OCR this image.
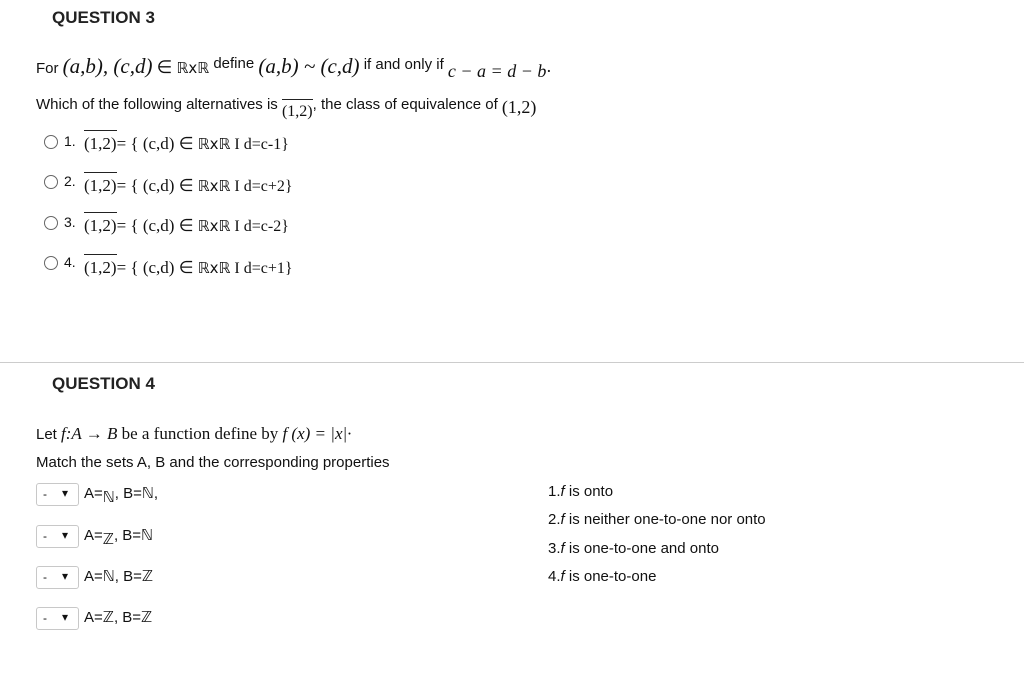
QUESTION 3
For (a,b), (c,d) ∈ ℝxℝ define (a,b) ~ (c,d) if and only if c − a = d − b·
Which of the following alternatives is (1,2), the class of equivalence of (1,2)
1. (1,2)= { (c,d) ∈ ℝxℝ I d=c-1}
2. (1,2)= { (c,d) ∈ ℝxℝ I d=c+2}
3. (1,2)= { (c,d) ∈ ℝxℝ I d=c-2}
4. (1,2)= { (c,d) ∈ ℝxℝ I d=c+1}
QUESTION 4
Let f:A → B be a function define by f (x) = |x|·
Match the sets A, B and the corresponding properties
- ▾ A=ℕ, B=ℕ,
- ▾ A=ℤ, B=ℕ
- ▾ A=ℕ, B=ℤ
- ▾ A=ℤ, B=ℤ
1.f is onto
2.f is neither one-to-one nor onto
3.f is one-to-one and onto
4.f is one-to-one
